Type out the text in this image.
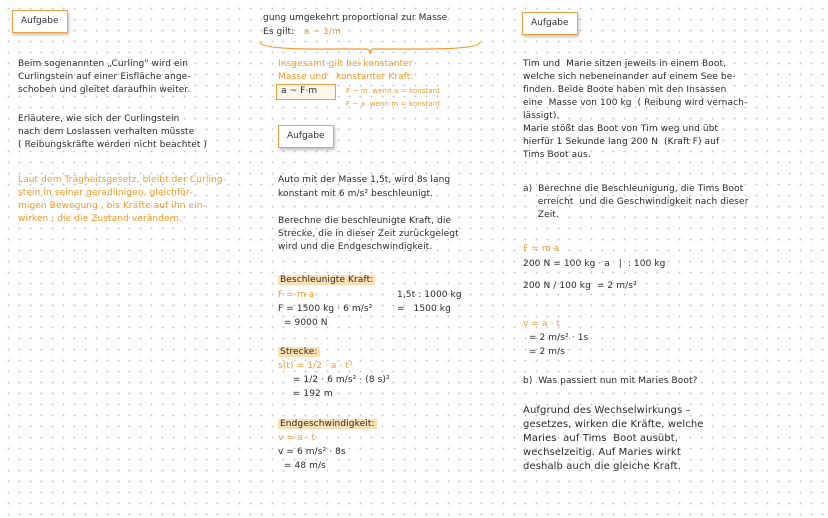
Aufgabe
Beim sogenannten „Curling" wird ein
Curlingstein auf einer Eisfläche ange-
schoben und gleitet daraufhin weiter.
Erläutere, wie sich der Curlingstein
nach dem Loslassen verhalten müsste
( Reibungskräfte werden nicht beachtet )
Laut dem Trägheitsgesetz, bleibt der Curling-
stein in seiner geradlinigen, gleichför-
migen Bewegung , bis Kräfte auf ihn ein-
wirken , die die Zustand verändern.
gung umgekehrt proportional zur Masse
Es gilt: a ~ 1/m
Insgesamt gilt bei konstanter
Masse und   konstanter Kraft:
a ~ F·m	F ~ m  wenn a = konstant
F ~ a  wenn m = konstant
Aufgabe
Auto mit der Masse 1,5t, wird 8s lang
konstant mit 6 m/s² beschleunigt.
Berechne die beschleunigte Kraft, die
Strecke, die in dieser Zeit zurückgelegt
wird und die Endgeschwindigkeit.
Beschleunigte Kraft:
F = m·a
F = 1500 kg · 6 m/s²
= 9000 N
1,5t : 1000 kg
=   1500 kg
Strecke:
s(t) = 1/2 · a · t²
= 1/2 · 6 m/s² · (8 s)²
= 192 m
Endgeschwindigkeit:
v = a · t
v = 6 m/s² · 8s
= 48 m/s
Aufgabe
Tim und  Marie sitzen jeweils in einem Boot,
welche sich nebeneinander auf einem See be-
finden. Beide Boote haben mit den Insassen
eine  Masse von 100 kg  ( Reibung wird vernach-
lässigt).
Marie stößt das Boot von Tim weg und übt
hierfür 1 Sekunde lang 200 N  (Kraft F) auf
Tims Boot aus.
a)  Berechne die Beschleunigung, die Tims Boot
erreicht  und die Geschwindigkeit nach dieser
Zeit.
F = m·a
200 N = 100 kg · a   |  : 100 kg
200 N / 100 kg  = 2 m/s²
v = a · t
= 2 m/s² · 1s
= 2 m/s
b)  Was passiert nun mit Maries Boot?
Aufgrund des Wechselwirkungs –
gesetzes, wirken die Kräfte, welche
Maries  auf Tims  Boot ausübt,
wechselzeitig. Auf Maries wirkt
deshalb auch die gleiche Kraft.
